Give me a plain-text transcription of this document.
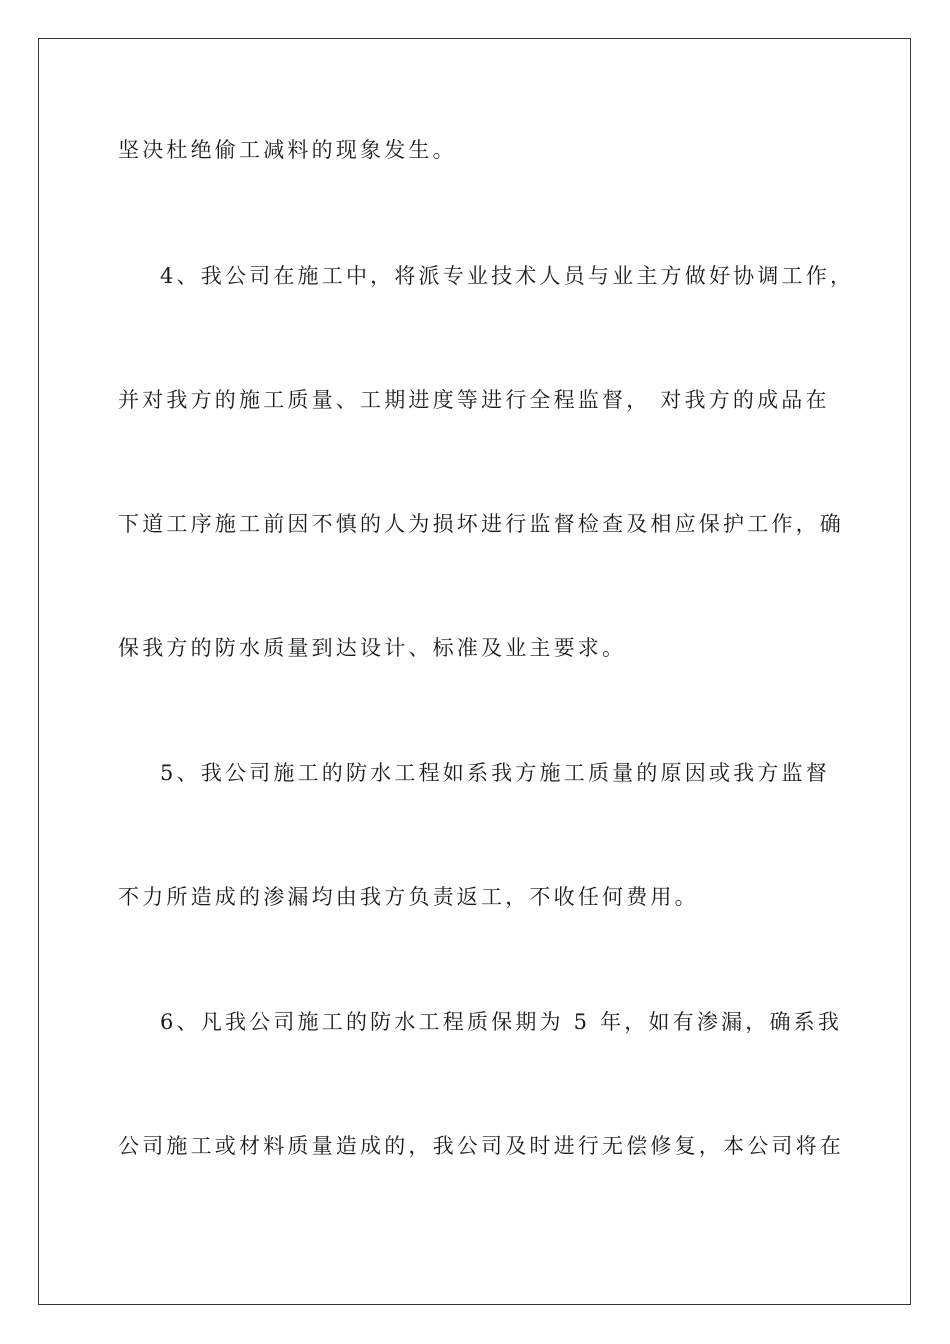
坚决杜绝偷工减料的现象发生。
4、我公司在施工中，将派专业技术人员与业主方做好协调工作，
并对我方的施工质量、工期进度等进行全程监督， 对我方的成品在
下道工序施工前因不慎的人为损坏进行监督检查及相应保护工作，确
保我方的防水质量到达设计、标准及业主要求。
5、我公司施工的防水工程如系我方施工质量的原因或我方监督
不力所造成的渗漏均由我方负责返工，不收任何费用。
6、凡我公司施工的防水工程质保期为 5 年，如有渗漏，确系我
公司施工或材料质量造成的，我公司及时进行无偿修复，本公司将在
